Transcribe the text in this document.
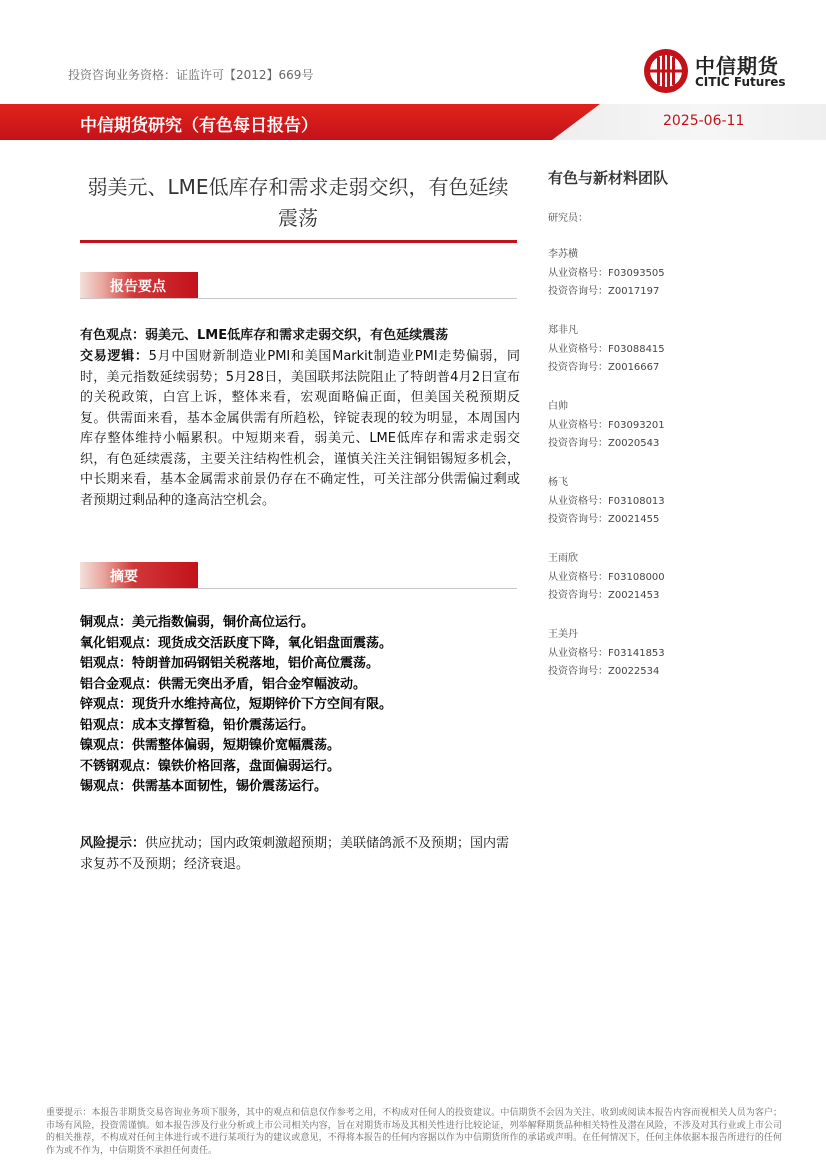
投资咨询业务资格：证监许可【2012】669号	中信期货
CITIC Futures
中信期货研究（有色每日报告）	2025-06-11
弱美元、LME低库存和需求走弱交织，有色延续震荡
报告要点
有色观点：弱美元、LME低库存和需求走弱交织，有色延续震荡
交易逻辑：5月中国财新制造业PMI和美国Markit制造业PMI走势偏弱，同时，美元指数延续弱势；5月28日，美国联邦法院阻止了特朗普4月2日宣布的关税政策，白宫上诉，整体来看，宏观面略偏正面，但美国关税预期反复。供需面来看，基本金属供需有所趋松，锌锭表现的较为明显，本周国内库存整体维持小幅累积。中短期来看，弱美元、LME低库存和需求走弱交织，有色延续震荡，主要关注结构性机会，谨慎关注关注铜铝锡短多机会，中长期来看，基本金属需求前景仍存在不确定性，可关注部分供需偏过剩或者预期过剩品种的逢高沽空机会。
摘要
铜观点：美元指数偏弱，铜价高位运行。
氧化铝观点：现货成交活跃度下降，氧化铝盘面震荡。
铝观点：特朗普加码钢铝关税落地，铝价高位震荡。
铝合金观点：供需无突出矛盾，铝合金窄幅波动。
锌观点：现货升水维持高位，短期锌价下方空间有限。
铅观点：成本支撑暂稳，铅价震荡运行。
镍观点：供需整体偏弱，短期镍价宽幅震荡。
不锈钢观点：镍铁价格回落，盘面偏弱运行。
锡观点：供需基本面韧性，锡价震荡运行。
风险提示：供应扰动；国内政策刺激超预期；美联储鸽派不及预期；国内需求复苏不及预期；经济衰退。
有色与新材料团队
研究员：
李苏横
从业资格号：F03093505
投资咨询号：Z0017197
郑非凡
从业资格号：F03088415
投资咨询号：Z0016667
白帅
从业资格号：F03093201
投资咨询号：Z0020543
杨飞
从业资格号：F03108013
投资咨询号：Z0021455
王雨欣
从业资格号：F03108000
投资咨询号：Z0021453
王美丹
从业资格号：F03141853
投资咨询号：Z0022534
重要提示：本报告非期货交易咨询业务项下服务，其中的观点和信息仅作参考之用，不构成对任何人的投资建议。中信期货不会因为关注、收到或阅读本报告内容而视相关人员为客户；市场有风险，投资需谨慎。如本报告涉及行业分析或上市公司相关内容，旨在对期货市场及其相关性进行比较论证，列举解释期货品种相关特性及潜在风险，不涉及对其行业或上市公司的相关推荐，不构成对任何主体进行或不进行某项行为的建议或意见，不得将本报告的任何内容据以作为中信期货所作的承诺或声明。在任何情况下，任何主体依据本报告所进行的任何作为或不作为，中信期货不承担任何责任。
